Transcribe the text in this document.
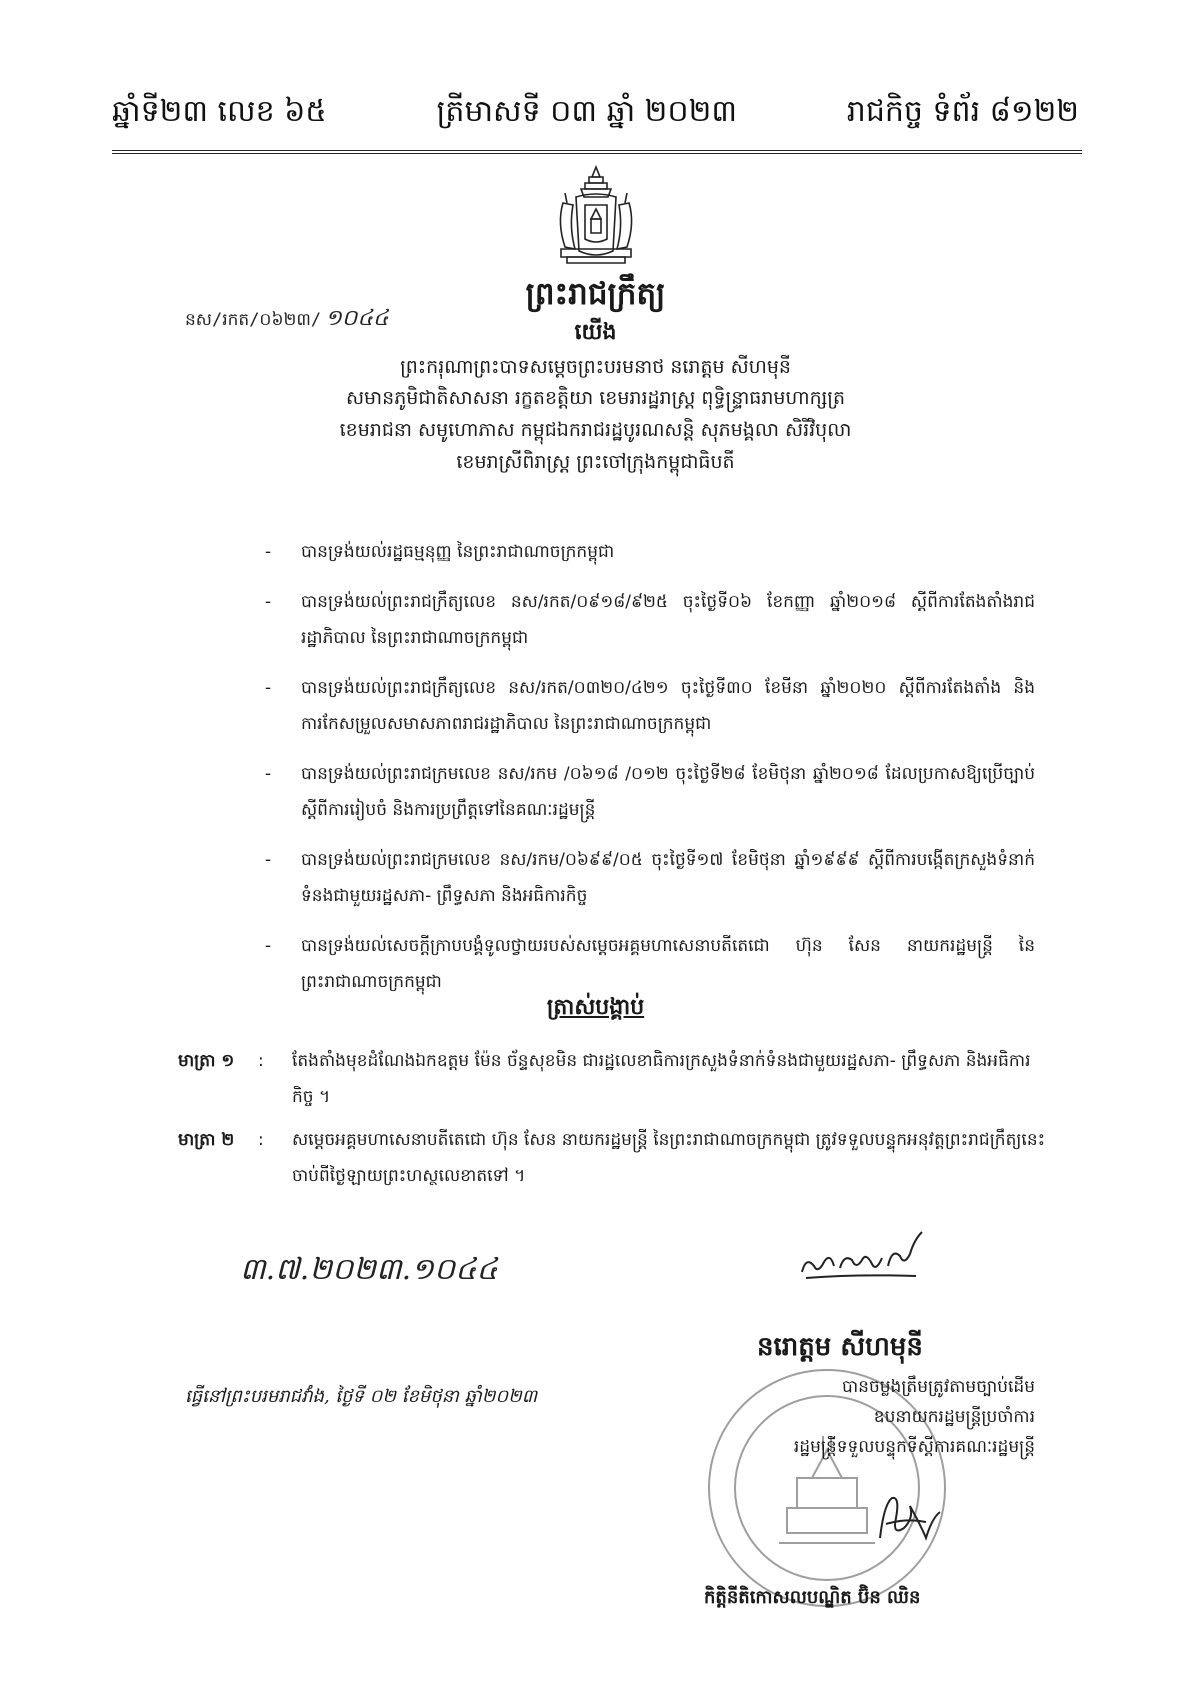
ឆ្នាំទី២៣ លេខ ៦៥	ត្រីមាសទី ០៣ ឆ្នាំ ២០២៣	រាជកិច្ច ទំព័រ ៨១២២
ព្រះរាជក្រឹត្យ
នស/រកត/០៦២៣/ ១០៤៤
យើង
ព្រះករុណាព្រះបាទសម្តេចព្រះបរមនាថ នរោត្តម សីហមុនី
សមានភូមិជាតិសាសនា រក្ខតខត្តិយា ខេមរារដ្ឋរាស្ត្រ ពុទ្ធិន្ទ្រាធរាមហាក្សត្រ
ខេមរាជនា សមូហោភាស កម្ពុជឯករាជរដ្ឋបូរណសន្តិ សុភមង្គលា សិរីវិបុលា
ខេមរាស្រីពិរាស្ត្រ ព្រះចៅក្រុងកម្ពុជាធិបតី
-	បានទ្រង់យល់រដ្ឋធម្មនុញ្ញ នៃព្រះរាជាណាចក្រកម្ពុជា
-	បានទ្រង់យល់ព្រះរាជក្រឹត្យលេខ នស/រកត/០៩១៨/៩២៥ ចុះថ្ងៃទី០៦ ខែកញ្ញា ឆ្នាំ២០១៨ ស្តីពីការតែងតាំងរាជរដ្ឋាភិបាល នៃព្រះរាជាណាចក្រកម្ពុជា
-	បានទ្រង់យល់ព្រះរាជក្រឹត្យលេខ នស/រកត/០៣២០/៤២១ ចុះថ្ងៃទី៣០ ខែមីនា ឆ្នាំ២០២០ ស្តីពីការតែងតាំង និងការកែសម្រួលសមាសភាពរាជរដ្ឋាភិបាល នៃព្រះរាជាណាចក្រកម្ពុជា
-	បានទ្រង់យល់ព្រះរាជក្រមលេខ នស/រកម /០៦១៨ /០១២ ចុះថ្ងៃទី២៨ ខែមិថុនា ឆ្នាំ២០១៨ ដែលប្រកាសឱ្យប្រើច្បាប់ស្តីពីការរៀបចំ និងការប្រព្រឹត្តទៅនៃគណៈរដ្ឋមន្ត្រី
-	បានទ្រង់យល់ព្រះរាជក្រមលេខ នស/រកម/០៦៩៩/០៥ ចុះថ្ងៃទី១៧ ខែមិថុនា ឆ្នាំ១៩៩៩ ស្តីពីការបង្កើតក្រសួងទំនាក់ទំនងជាមួយរដ្ឋសភា- ព្រឹទ្ធសភា និងអធិការកិច្ច
-	បានទ្រង់យល់សេចក្តីក្រាបបង្គំទូលថ្វាយរបស់សម្តេចអគ្គមហាសេនាបតីតេជោ ហ៊ុន សែន នាយករដ្ឋមន្ត្រី នៃព្រះរាជាណាចក្រកម្ពុជា
ត្រាស់បង្គាប់
មាត្រា ១	:	តែងតាំងមុខដំណែងឯកឧត្តម ម៉ែន ច័ន្ទសុខមិន ជារដ្ឋលេខាធិការក្រសួងទំនាក់ទំនងជាមួយរដ្ឋសភា- ព្រឹទ្ធសភា និងអធិការកិច្ច ។
មាត្រា ២	:	សម្តេចអគ្គមហាសេនាបតីតេជោ ហ៊ុន សែន នាយករដ្ឋមន្ត្រី នៃព្រះរាជាណាចក្រកម្ពុជា ត្រូវទទួលបន្ទុកអនុវត្តព្រះរាជក្រឹត្យនេះ ចាប់ពីថ្ងៃឡាយព្រះហស្ថលេខាតទៅ ។
៣.៧.២០២៣.១០៤៤
ធ្វើនៅព្រះបរមរាជវាំង, ថ្ងៃទី ០២ ខែមិថុនា ឆ្នាំ២០២៣
នរោត្តម សីហមុនី
បានចម្លងត្រឹមត្រូវតាមច្បាប់ដើម
ឧបនាយករដ្ឋមន្ត្រីប្រចាំការ
រដ្ឋមន្ត្រីទទួលបន្ទុកទីស្តីការគណៈរដ្ឋមន្ត្រី
កិត្តិនីតិកោសលបណ្ឌិត ប៊ិន ឈិន
